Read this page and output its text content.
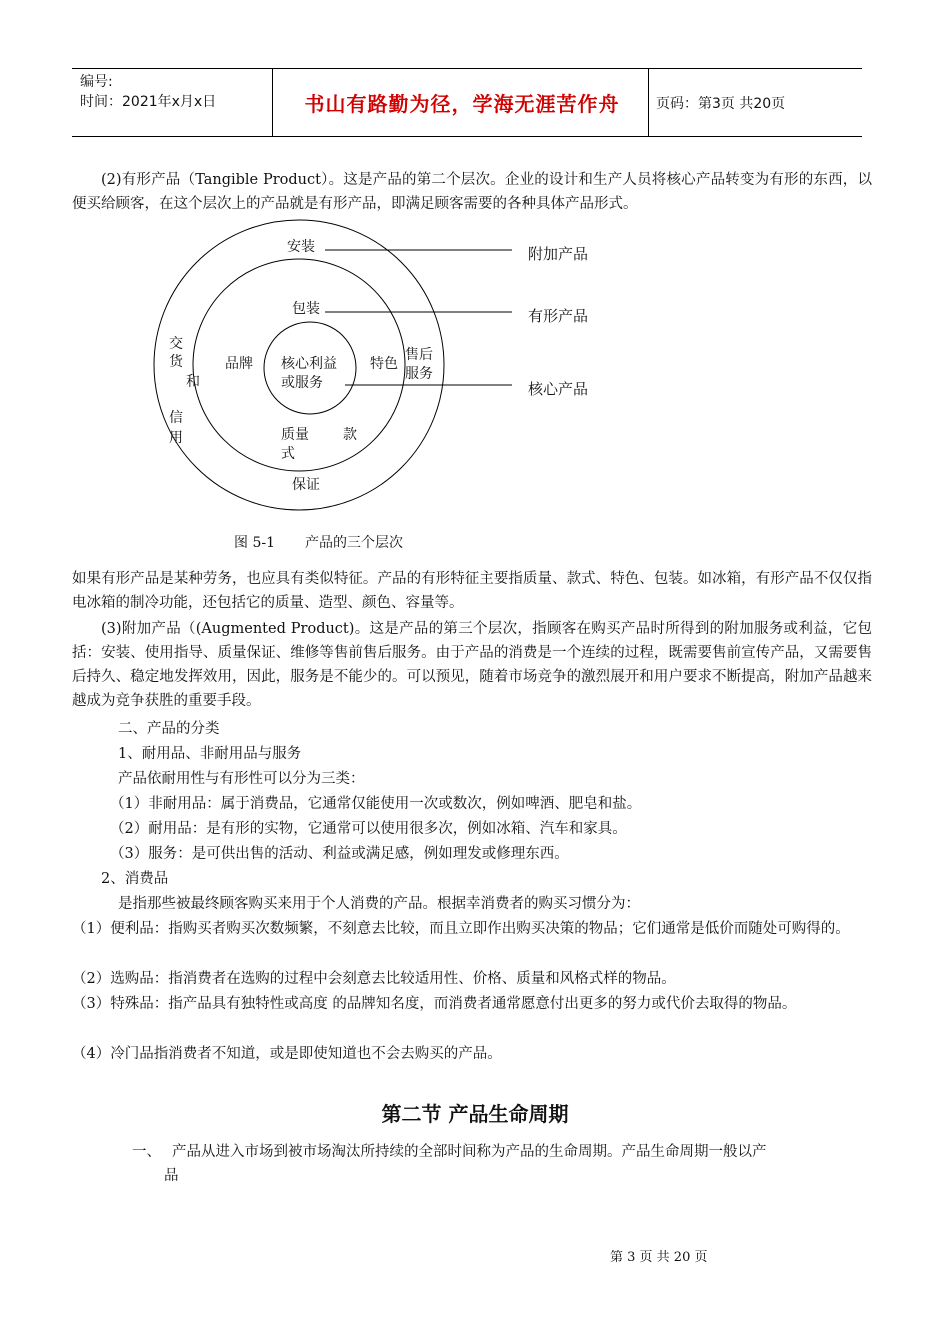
编号:
时间：2021年x月x日	书山有路勤为径，学海无涯苦作舟	页码：第3页 共20页
(2)有形产品（Tangible Product）。这是产品的第二个层次。企业的设计和生产人员将核心产品转变为有形的东西，以便买给顾客，在这个层次上的产品就是有形产品，即满足顾客需要的各种具体产品形式。
安装
交
货
和
信
用
售后
服务
保证
包装
品牌	特色
质量 款
式
核心利益
或服务
附加产品
有形产品
核心产品
图 5-1 产品的三个层次
如果有形产品是某种劳务，也应具有类似特征。产品的有形特征主要指质量、款式、特色、包装。如冰箱，有形产品不仅仅指电冰箱的制冷功能，还包括它的质量、造型、颜色、容量等。
(3)附加产品（(Augmented Product)。这是产品的第三个层次，指顾客在购买产品时所得到的附加服务或利益，它包括：安装、使用指导、质量保证、维修等售前售后服务。由于产品的消费是一个连续的过程，既需要售前宣传产品，又需要售后持久、稳定地发挥效用，因此，服务是不能少的。可以预见，随着市场竞争的激烈展开和用户要求不断提高，附加产品越来越成为竞争获胜的重要手段。
二、产品的分类
1、耐用品、非耐用品与服务
产品依耐用性与有形性可以分为三类：
（1）非耐用品：属于消费品，它通常仅能使用一次或数次，例如啤酒、肥皂和盐。
（2）耐用品：是有形的实物，它通常可以使用很多次，例如冰箱、汽车和家具。
（3）服务：是可供出售的活动、利益或满足感，例如理发或修理东西。
2、消费品
是指那些被最终顾客购买来用于个人消费的产品。根据幸消费者的购买习惯分为：
（1）便利品：指购买者购买次数频繁，不刻意去比较，而且立即作出购买决策的物品；它们通常是低价而随处可购得的。
（2）选购品：指消费者在选购的过程中会刻意去比较适用性、价格、质量和风格式样的物品。
（3）特殊品：指产品具有独特性或高度 的品牌知名度，而消费者通常愿意付出更多的努力或代价去取得的物品。
（4）冷门品指消费者不知道，或是即使知道也不会去购买的产品。
第二节 产品生命周期
一、 产品从进入市场到被市场淘汰所持续的全部时间称为产品的生命周期。产品生命周期一般以产
品
第 3 页 共 20 页
